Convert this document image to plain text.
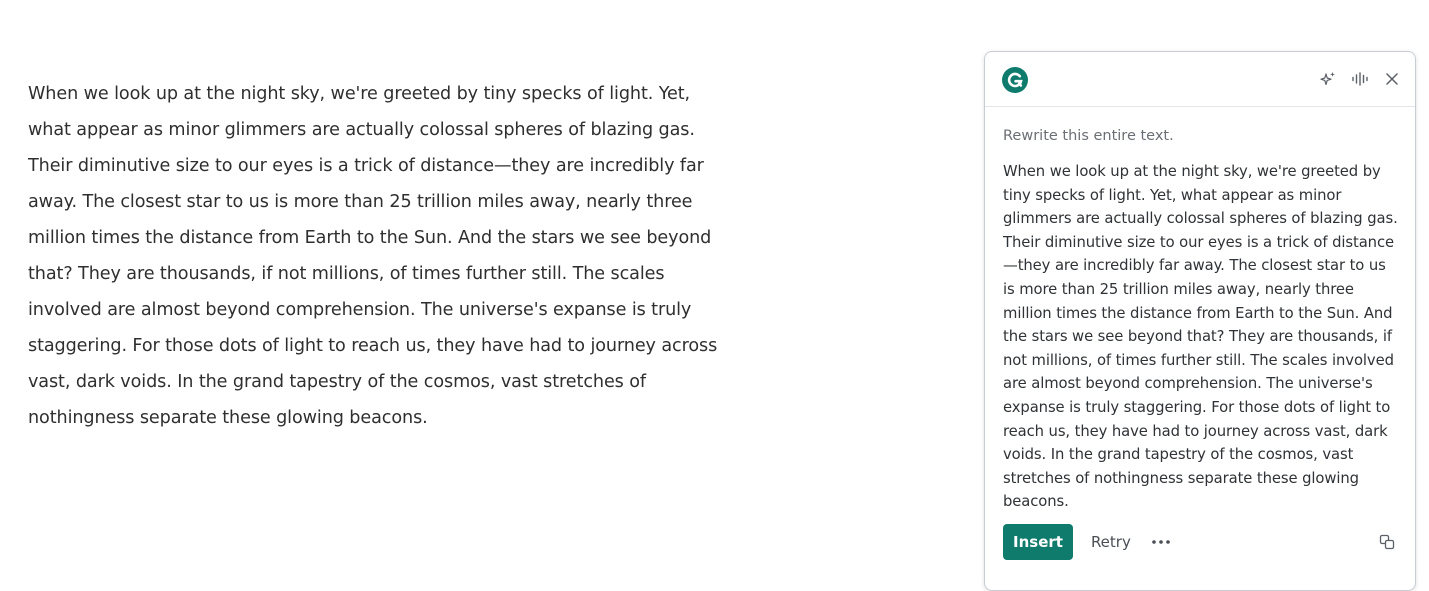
When we look up at the night sky, we're greeted by tiny specks of light. Yet, what appear as minor glimmers are actually colossal spheres of blazing gas. Their diminutive size to our eyes is a trick of distance—they are incredibly far away. The closest star to us is more than 25 trillion miles away, nearly three million times the distance from Earth to the Sun. And the stars we see beyond that? They are thousands, if not millions, of times further still. The scales involved are almost beyond comprehension. The universe's expanse is truly staggering. For those dots of light to reach us, they have had to journey across vast, dark voids. In the grand tapestry of the cosmos, vast stretches of nothingness separate these glowing beacons.

Rewrite this entire text.
When we look up at the night sky, we're greeted by tiny specks of light. Yet, what appear as minor glimmers are actually colossal spheres of blazing gas. Their diminutive size to our eyes is a trick of distance—they are incredibly far away. The closest star to us is more than 25 trillion miles away, nearly three million times the distance from Earth to the Sun. And the stars we see beyond that? They are thousands, if not millions, of times further still. The scales involved are almost beyond comprehension. The universe's expanse is truly staggering. For those dots of light to reach us, they have had to journey across vast, dark voids. In the grand tapestry of the cosmos, vast stretches of nothingness separate these glowing beacons.
Insert	Retry
